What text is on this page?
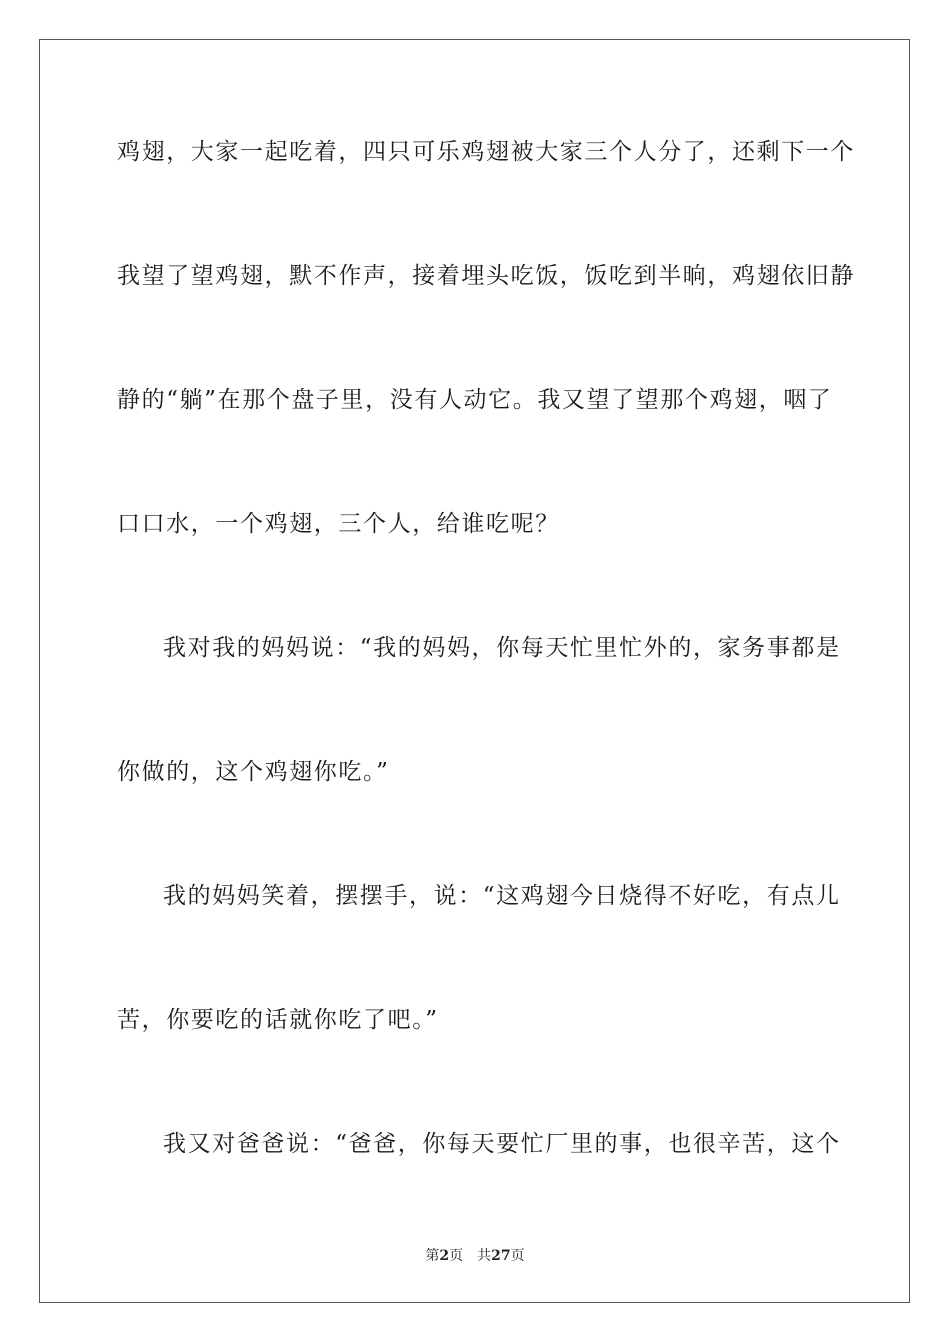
鸡翅，大家一起吃着，四只可乐鸡翅被大家三个人分了，还剩下一个
我望了望鸡翅，默不作声，接着埋头吃饭，饭吃到半晌，鸡翅依旧静
静的“躺”在那个盘子里，没有人动它。我又望了望那个鸡翅，咽了
口口水，一个鸡翅，三个人，给谁吃呢？
我对我的妈妈说：“我的妈妈，你每天忙里忙外的，家务事都是
你做的，这个鸡翅你吃。”
我的妈妈笑着，摆摆手，说：“这鸡翅今日烧得不好吃，有点儿
苦，你要吃的话就你吃了吧。”
我又对爸爸说：“爸爸，你每天要忙厂里的事，也很辛苦，这个
第2页 共27页
